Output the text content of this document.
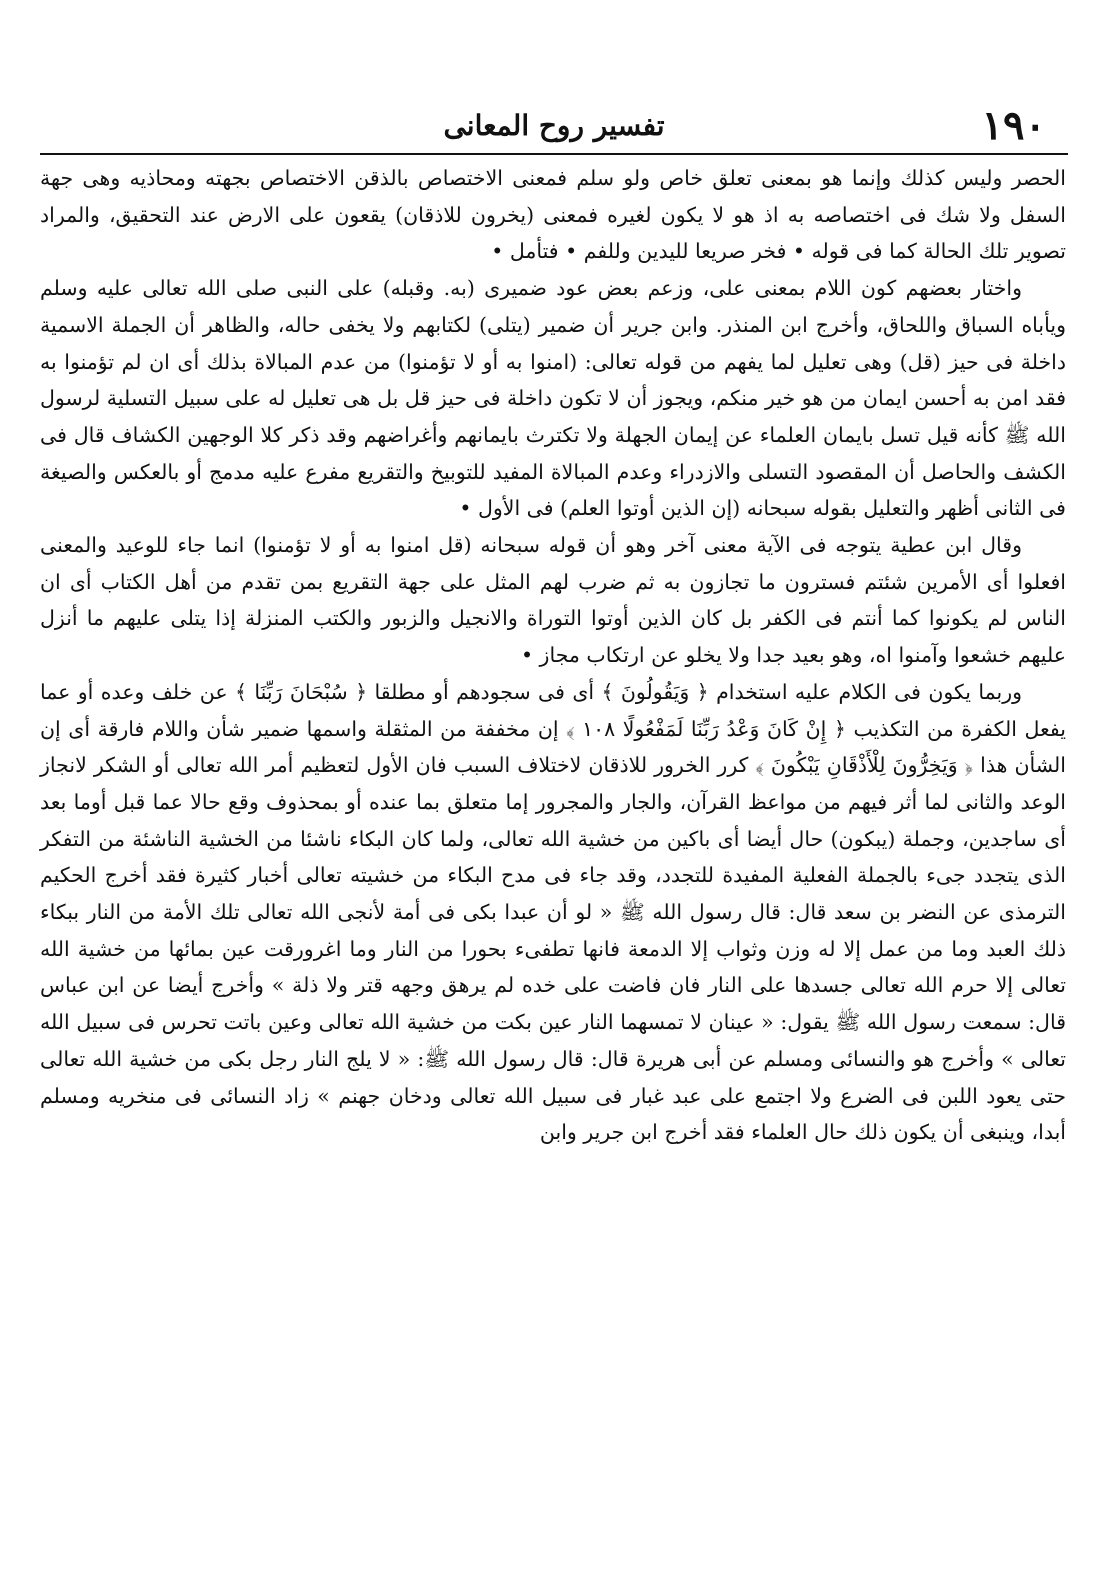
١٩٠
تفسير روح المعانى

الحصر وليس كذلك وإنما هو بمعنى تعلق خاص ولو سلم فمعنى الاختصاص بالذقن الاختصاص بجهته ومحاذيه وهى جهة السفل ولا شك فى اختصاصه به اذ هو لا يكون لغيره فمعنى (يخرون للاذقان) يقعون على الارض عند التحقيق، والمراد تصوير تلك الحالة كما فى قوله • فخر صريعا لليدين وللفم • فتأمل •

واختار بعضهم كون اللام بمعنى على، وزعم بعض عود ضميرى (به. وقبله) على النبى صلى الله تعالى عليه وسلم ويأباه السباق واللحاق، وأخرج ابن المنذر. وابن جرير أن ضمير (يتلى) لكتابهم ولا يخفى حاله، والظاهر أن الجملة الاسمية داخلة فى حيز (قل) وهى تعليل لما يفهم من قوله تعالى: (امنوا به أو لا تؤمنوا) من عدم المبالاة بذلك أى ان لم تؤمنوا به فقد امن به أحسن ايمان من هو خير منكم، ويجوز أن لا تكون داخلة فى حيز قل بل هى تعليل له على سبيل التسلية لرسول الله ﷺ كأنه قيل تسل بايمان العلماء عن إيمان الجهلة ولا تكترث بايمانهم وأغراضهم وقد ذكر كلا الوجهين الكشاف قال فى الكشف والحاصل أن المقصود التسلى والازدراء وعدم المبالاة المفيد للتوبيخ والتقريع مفرع عليه مدمج أو بالعكس والصيغة فى الثانى أظهر والتعليل بقوله سبحانه (إن الذين أوتوا العلم) فى الأول •

وقال ابن عطية يتوجه فى الآية معنى آخر وهو أن قوله سبحانه (قل امنوا به أو لا تؤمنوا) انما جاء للوعيد والمعنى افعلوا أى الأمرين شئتم فسترون ما تجازون به ثم ضرب لهم المثل على جهة التقريع بمن تقدم من أهل الكتاب أى ان الناس لم يكونوا كما أنتم فى الكفر بل كان الذين أوتوا التوراة والانجيل والزبور والكتب المنزلة إذا يتلى عليهم ما أنزل عليهم خشعوا وآمنوا اه، وهو بعيد جدا ولا يخلو عن ارتكاب مجاز •

وربما يكون فى الكلام عليه استخدام ﴿ وَيَقُولُونَ ﴾ أى فى سجودهم أو مطلقا ﴿ سُبْحَانَ رَبِّنَا ﴾ عن خلف وعده أو عما يفعل الكفرة من التكذيب ﴿ إِنْ كَانَ وَعْدُ رَبِّنَا لَمَفْعُولًا ١٠٨ ﴾ إن مخففة من المثقلة واسمها ضمير شأن واللام فارقة أى إن الشأن هذا ﴿ وَيَخِرُّونَ لِلْأَذْقَانِ يَبْكُونَ ﴾ كرر الخرور للاذقان لاختلاف السبب فان الأول لتعظيم أمر الله تعالى أو الشكر لانجاز الوعد والثانى لما أثر فيهم من مواعظ القرآن، والجار والمجرور إما متعلق بما عنده أو بمحذوف وقع حالا عما قبل أوما بعد أى ساجدين، وجملة (يبكون) حال أيضا أى باكين من خشية الله تعالى، ولما كان البكاء ناشئا من الخشية الناشئة من التفكر الذى يتجدد جىء بالجملة الفعلية المفيدة للتجدد، وقد جاء فى مدح البكاء من خشيته تعالى أخبار كثيرة فقد أخرج الحكيم الترمذى عن النضر بن سعد قال: قال رسول الله ﷺ « لو أن عبدا بكى فى أمة لأنجى الله تعالى تلك الأمة من النار ببكاء ذلك العبد وما من عمل إلا له وزن وثواب إلا الدمعة فانها تطفىء بحورا من النار وما اغرورقت عين بمائها من خشية الله تعالى إلا حرم الله تعالى جسدها على النار فان فاضت على خده لم يرهق وجهه قتر ولا ذلة » وأخرج أيضا عن ابن عباس قال: سمعت رسول الله ﷺ يقول: « عينان لا تمسهما النار عين بكت من خشية الله تعالى وعين باتت تحرس فى سبيل الله تعالى » وأخرج هو والنسائى ومسلم عن أبى هريرة قال: قال رسول الله ﷺ: « لا يلج النار رجل بكى من خشية الله تعالى حتى يعود اللبن فى الضرع ولا اجتمع على عبد غبار فى سبيل الله تعالى ودخان جهنم » زاد النسائى فى منخريه ومسلم أبدا، وينبغى أن يكون ذلك حال العلماء فقد أخرج ابن جرير وابن
